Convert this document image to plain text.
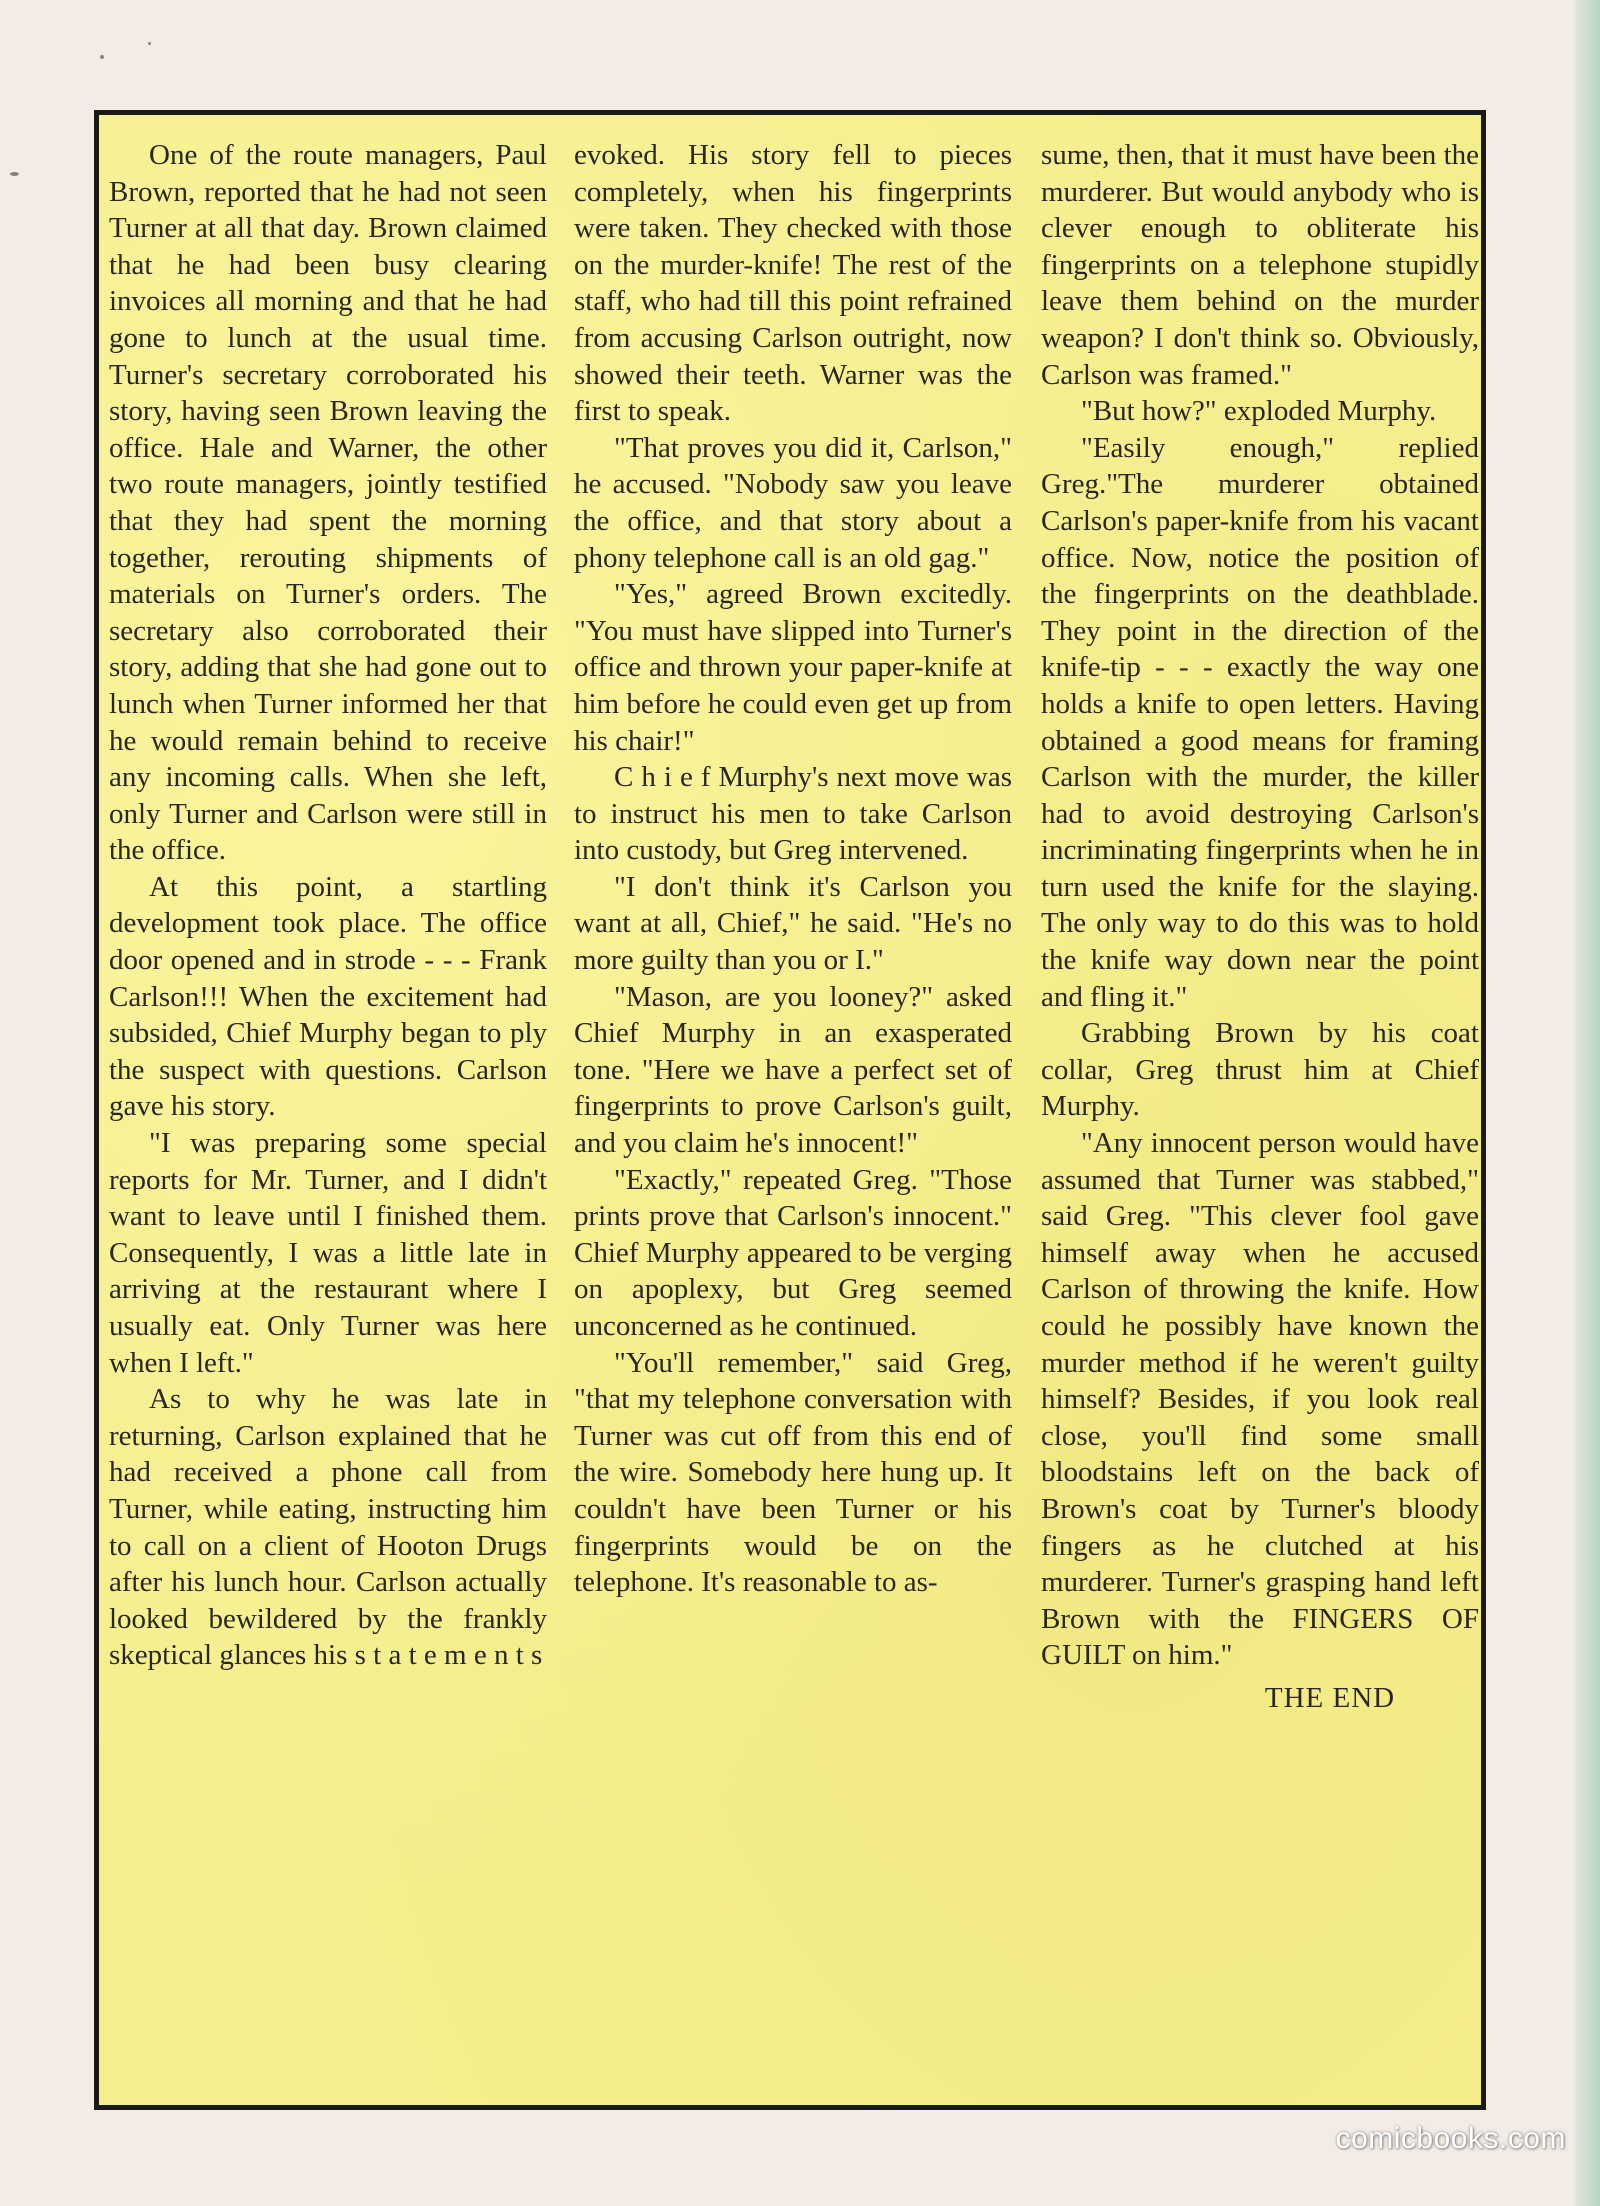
One of the route managers, Paul Brown, reported that he had not seen Turner at all that day. Brown claimed that he had been busy clearing invoices all morning and that he had gone to lunch at the usual time. Turner's secretary corroborated his story, having seen Brown leaving the office. Hale and Warner, the other two route managers, jointly testified that they had spent the morning together, rerouting shipments of materials on Turner's orders. The secretary also corroborated their story, adding that she had gone out to lunch when Turner informed her that he would remain behind to receive any incoming calls. When she left, only Turner and Carlson were still in the office.

At this point, a startling development took place. The office door opened and in strode - - - Frank Carlson!!! When the excitement had subsided, Chief Murphy began to ply the suspect with questions. Carlson gave his story.

"I was preparing some special reports for Mr. Turner, and I didn't want to leave until I finished them. Consequently, I was a little late in arriving at the restaurant where I usually eat. Only Turner was here when I left."

As to why he was late in returning, Carlson explained that he had received a phone call from Turner, while eating, instructing him to call on a client of Hooton Drugs after his lunch hour. Carlson actually looked bewildered by the frankly skeptical glances his s t a t e m e n t s

evoked. His story fell to pieces completely, when his fingerprints were taken. They checked with those on the murder-knife! The rest of the staff, who had till this point refrained from accusing Carlson outright, now showed their teeth. Warner was the first to speak.

"That proves you did it, Carlson," he accused. "Nobody saw you leave the office, and that story about a phony telephone call is an old gag."

"Yes," agreed Brown excitedly. "You must have slipped into Turner's office and thrown your paper-knife at him before he could even get up from his chair!"

C h i e f Murphy's next move was to instruct his men to take Carlson into custody, but Greg intervened.

"I don't think it's Carlson you want at all, Chief," he said. "He's no more guilty than you or I."

"Mason, are you looney?" asked Chief Murphy in an exasperated tone. "Here we have a perfect set of fingerprints to prove Carlson's guilt, and you claim he's innocent!"

"Exactly," repeated Greg. "Those prints prove that Carlson's innocent." Chief Murphy appeared to be verging on apoplexy, but Greg seemed unconcerned as he continued.

"You'll remember," said Greg, "that my telephone conversation with Turner was cut off from this end of the wire. Somebody here hung up. It couldn't have been Turner or his fingerprints would be on the telephone. It's reasonable to as-

sume, then, that it must have been the murderer. But would anybody who is clever enough to obliterate his fingerprints on a telephone stupidly leave them behind on the murder weapon? I don't think so. Obviously, Carlson was framed."

"But how?" exploded Murphy.

"Easily enough," replied Greg."The murderer obtained Carlson's paper-knife from his vacant office. Now, notice the position of the fingerprints on the deathblade. They point in the direction of the knife-tip - - - exactly the way one holds a knife to open letters. Having obtained a good means for framing Carlson with the murder, the killer had to avoid destroying Carlson's incriminating fingerprints when he in turn used the knife for the slaying. The only way to do this was to hold the knife way down near the point and fling it."

Grabbing Brown by his coat collar, Greg thrust him at Chief Murphy.

"Any innocent person would have assumed that Turner was stabbed," said Greg. "This clever fool gave himself away when he accused Carlson of throwing the knife. How could he possibly have known the murder method if he weren't guilty himself? Besides, if you look real close, you'll find some small bloodstains left on the back of Brown's coat by Turner's bloody fingers as he clutched at his murderer. Turner's grasping hand left Brown with the FINGERS OF GUILT on him."

THE END

comicbooks.com
